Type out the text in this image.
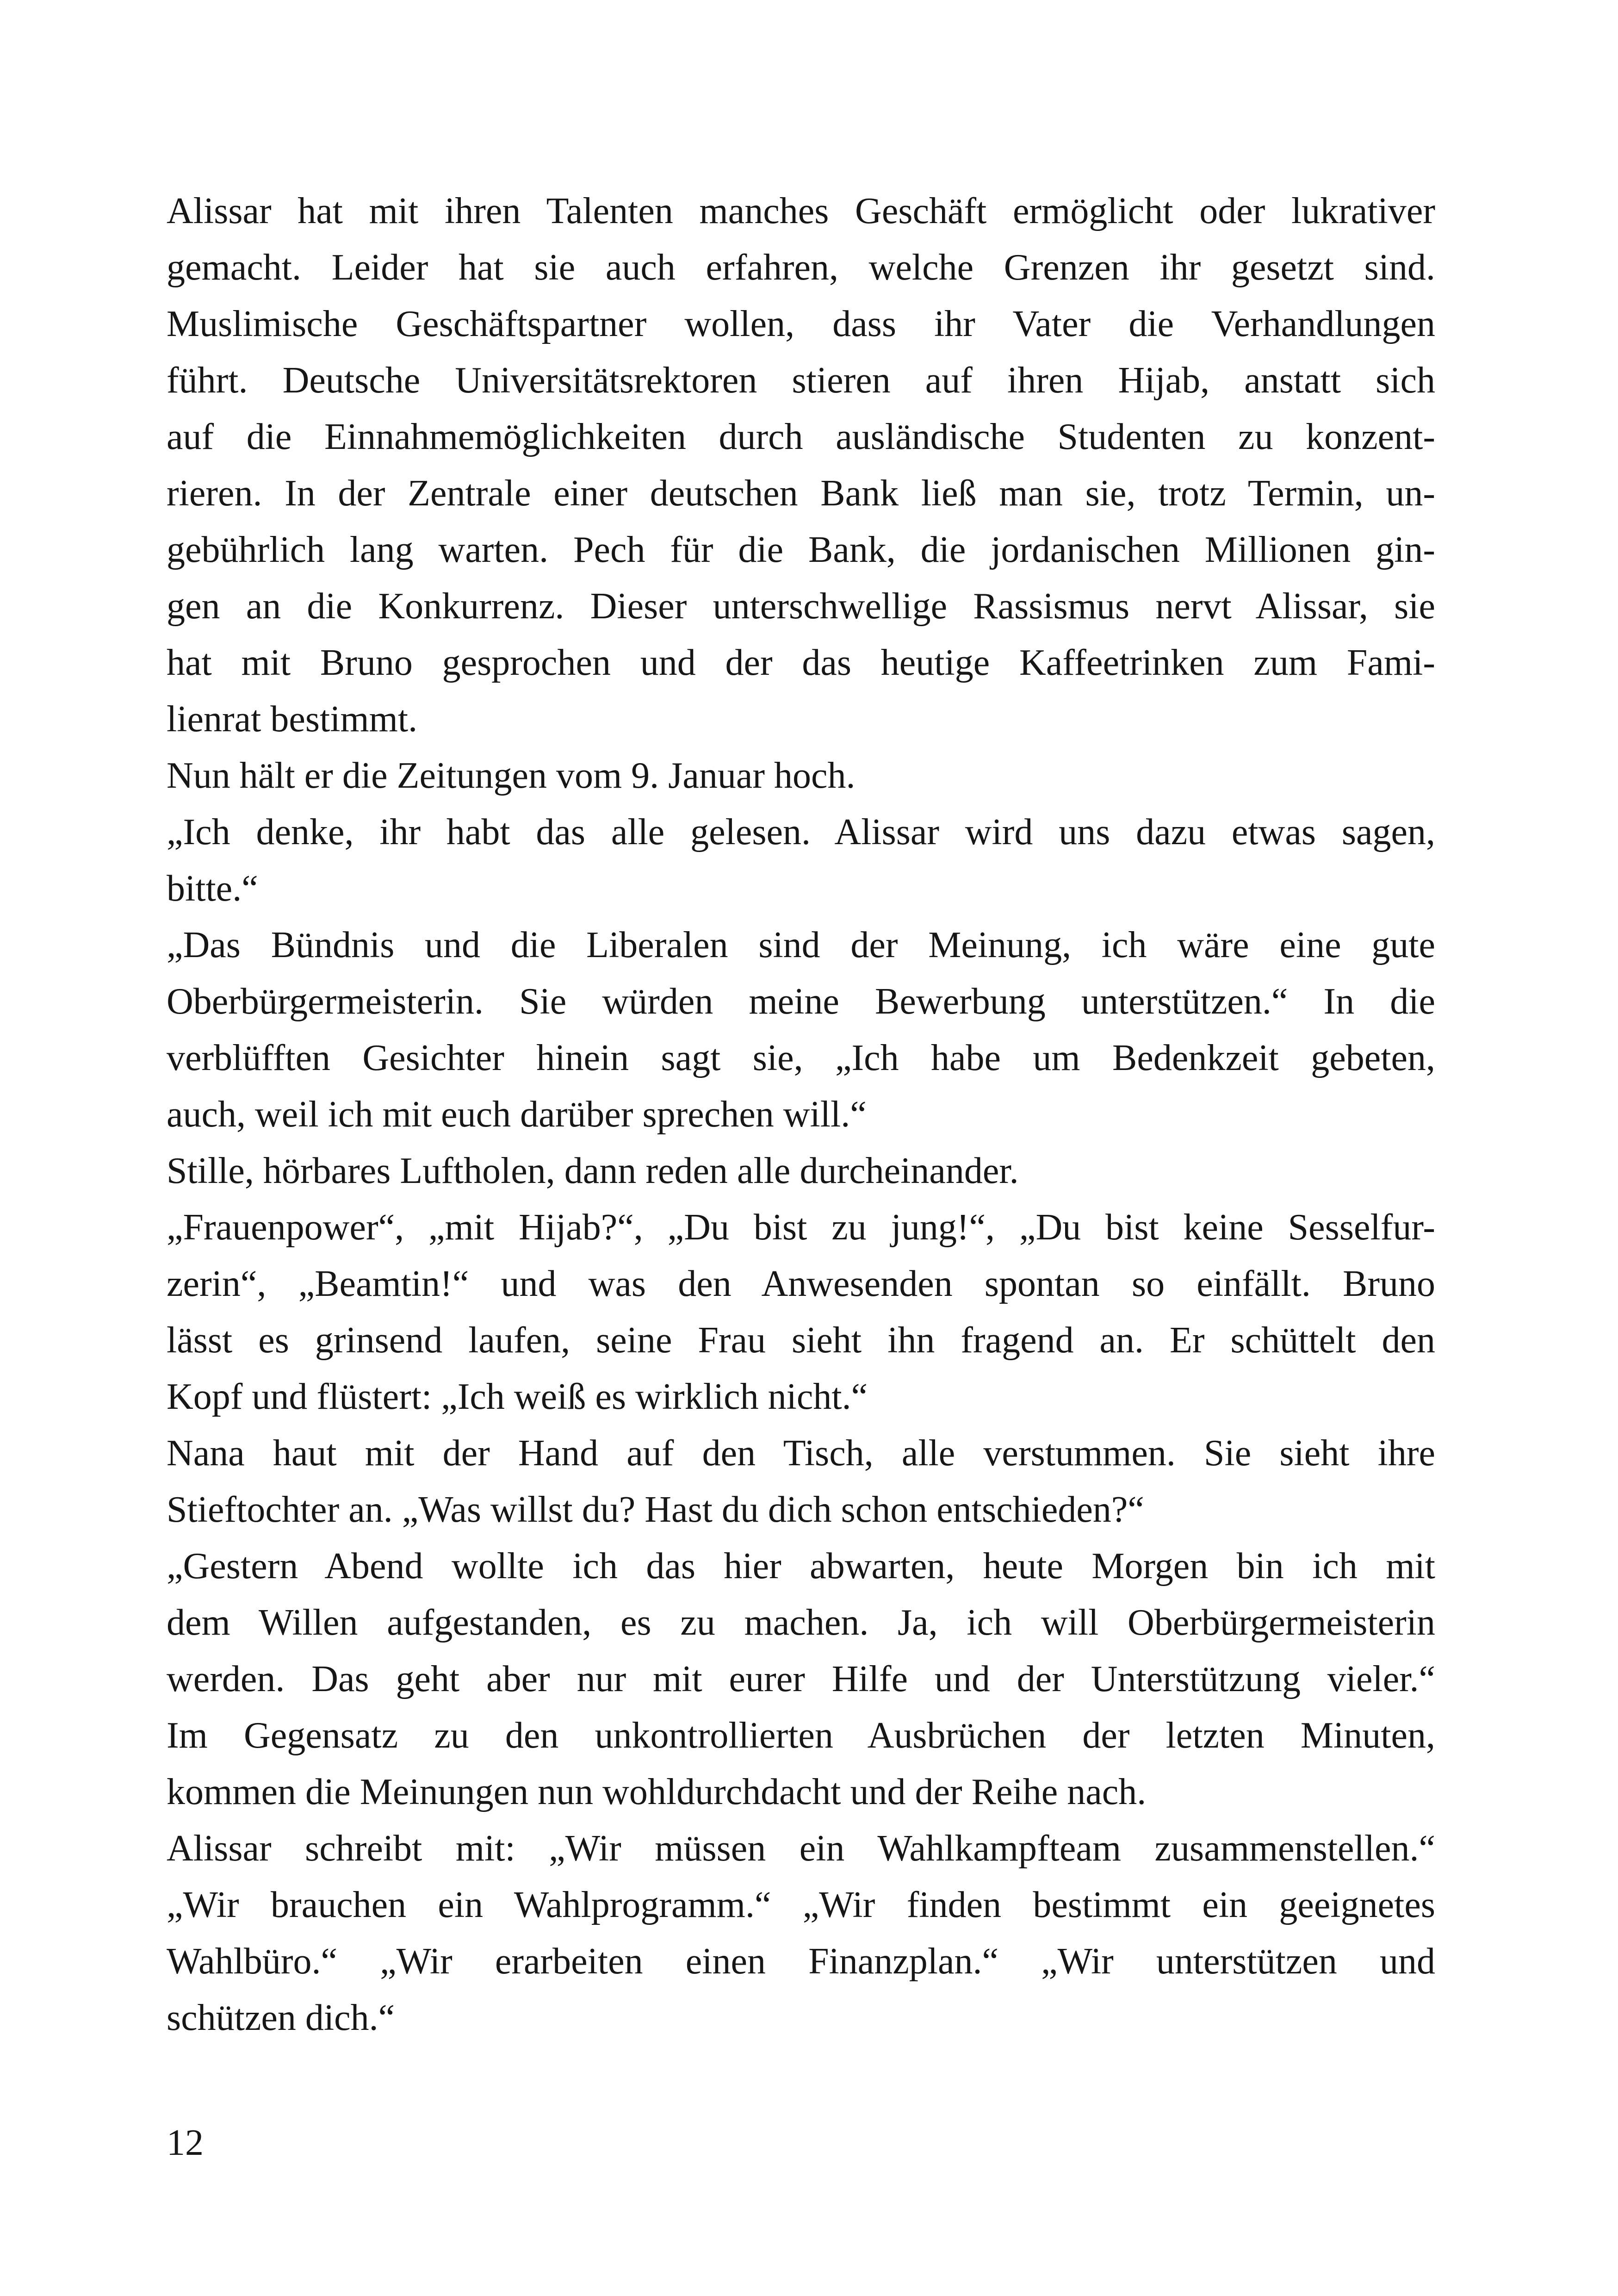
Alissar hat mit ihren Talenten manches Geschäft ermöglicht oder lukrativer
gemacht. Leider hat sie auch erfahren, welche Grenzen ihr gesetzt sind.
Muslimische Geschäftspartner wollen, dass ihr Vater die Verhandlungen
führt. Deutsche Universitätsrektoren stieren auf ihren Hijab, anstatt sich
auf die Einnahmemöglichkeiten durch ausländische Studenten zu konzent-
rieren. In der Zentrale einer deutschen Bank ließ man sie, trotz Termin, un-
gebührlich lang warten. Pech für die Bank, die jordanischen Millionen gin-
gen an die Konkurrenz. Dieser unterschwellige Rassismus nervt Alissar, sie
hat mit Bruno gesprochen und der das heutige Kaffeetrinken zum Fami-
lienrat bestimmt.
Nun hält er die Zeitungen vom 9. Januar hoch.
„Ich denke, ihr habt das alle gelesen. Alissar wird uns dazu etwas sagen,
bitte.“
„Das Bündnis und die Liberalen sind der Meinung, ich wäre eine gute
Oberbürgermeisterin. Sie würden meine Bewerbung unterstützen.“ In die
verblüfften Gesichter hinein sagt sie, „Ich habe um Bedenkzeit gebeten,
auch, weil ich mit euch darüber sprechen will.“
Stille, hörbares Luftholen, dann reden alle durcheinander.
„Frauenpower“, „mit Hijab?“, „Du bist zu jung!“, „Du bist keine Sesselfur-
zerin“, „Beamtin!“ und was den Anwesenden spontan so einfällt. Bruno
lässt es grinsend laufen, seine Frau sieht ihn fragend an. Er schüttelt den
Kopf und flüstert: „Ich weiß es wirklich nicht.“
Nana haut mit der Hand auf den Tisch, alle verstummen. Sie sieht ihre
Stieftochter an. „Was willst du? Hast du dich schon entschieden?“
„Gestern Abend wollte ich das hier abwarten, heute Morgen bin ich mit
dem Willen aufgestanden, es zu machen. Ja, ich will Oberbürgermeisterin
werden. Das geht aber nur mit eurer Hilfe und der Unterstützung vieler.“
Im Gegensatz zu den unkontrollierten Ausbrüchen der letzten Minuten,
kommen die Meinungen nun wohldurchdacht und der Reihe nach.
Alissar schreibt mit: „Wir müssen ein Wahlkampfteam zusammenstellen.“
„Wir brauchen ein Wahlprogramm.“ „Wir finden bestimmt ein geeignetes
Wahlbüro.“ „Wir erarbeiten einen Finanzplan.“ „Wir unterstützen und
schützen dich.“
12
